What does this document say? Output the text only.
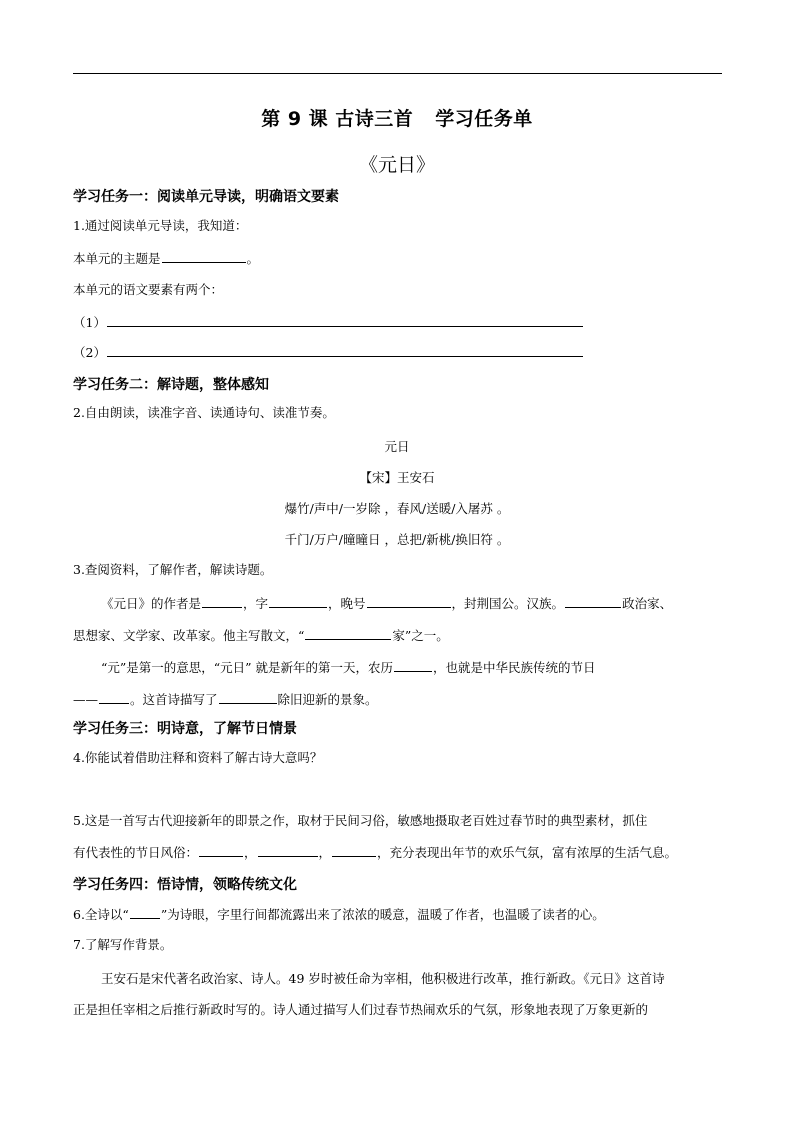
第 9 课 古诗三首 学习任务单
《元日》
学习任务一：阅读单元导读，明确语文要素
1.通过阅读单元导读，我知道：
本单元的主题是	。
本单元的语文要素有两个：
（1）
（2）
学习任务二：解诗题，整体感知
2.自由朗读，读准字音、读通诗句、读准节奏。
元日
【宋】王安石
爆竹/声中/一岁除 ，春风/送暖/入屠苏 。
千门/万户/曈曈日 ，总把/新桃/换旧符 。
3.查阅资料，了解作者，解读诗题。
《元日》的作者是	，字	，晚号	，封荆国公。汉族。	政治家、
思想家、文学家、改革家。他主写散文，“	家”之一。
“元”是第一的意思，“元日” 就是新年的第一天，农历	，也就是中华民族传统的节日
——	。这首诗描写了	除旧迎新的景象。
学习任务三：明诗意，了解节日情景
4.你能试着借助注释和资料了解古诗大意吗？
5.这是一首写古代迎接新年的即景之作，取材于民间习俗，敏感地摄取老百姓过春节时的典型素材，抓住
有代表性的节日风俗：	，	，	，充分表现出年节的欢乐气氛，富有浓厚的生活气息。
学习任务四：悟诗情，领略传统文化
6.全诗以“	”为诗眼，字里行间都流露出来了浓浓的暖意，温暖了作者，也温暖了读者的心。
7.了解写作背景。
王安石是宋代著名政治家、诗人。49 岁时被任命为宰相，他积极进行改革，推行新政。《元日》这首诗
正是担任宰相之后推行新政时写的。诗人通过描写人们过春节热闹欢乐的气氛，形象地表现了万象更新的
